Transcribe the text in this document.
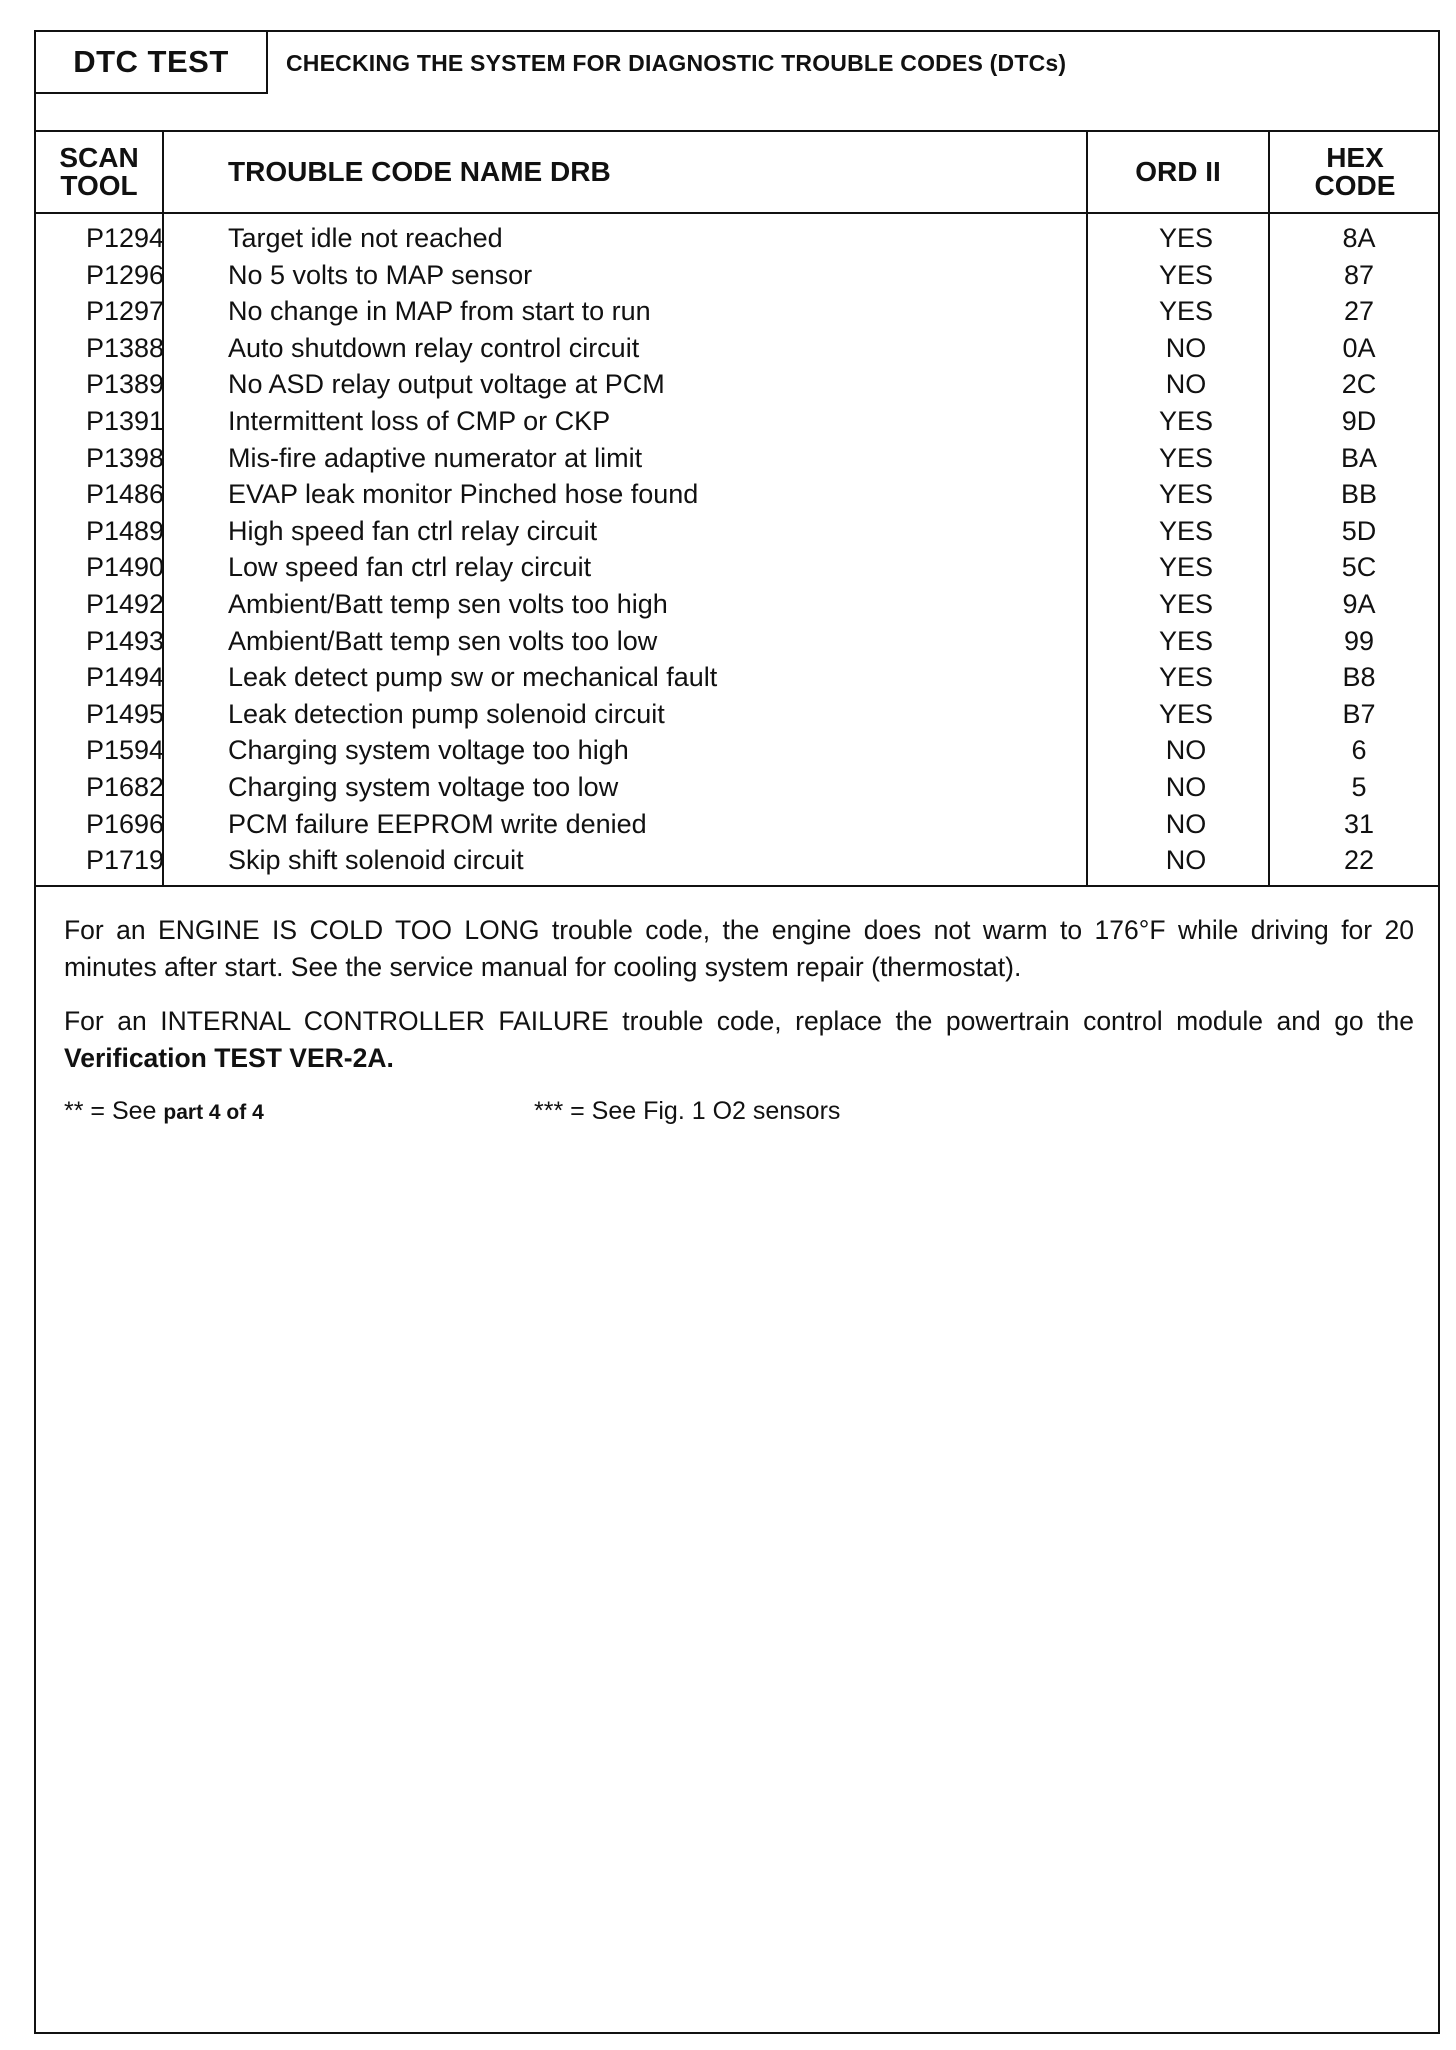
DTC TEST	CHECKING THE SYSTEM FOR DIAGNOSTIC TROUBLE CODES (DTCs)
SCAN
TOOL	TROUBLE CODE NAME DRB	ORD II	HEX
CODE
P1294	Target idle not reached	YES	8A
P1296	No 5 volts to MAP sensor	YES	87
P1297	No change in MAP from start to run	YES	27
P1388	Auto shutdown relay control circuit	NO	0A
P1389	No ASD relay output voltage at PCM	NO	2C
P1391	Intermittent loss of CMP or CKP	YES	9D
P1398	Mis-fire adaptive numerator at limit	YES	BA
P1486	EVAP leak monitor Pinched hose found	YES	BB
P1489	High speed fan ctrl relay circuit	YES	5D
P1490	Low speed fan ctrl relay circuit	YES	5C
P1492	Ambient/Batt temp sen volts too high	YES	9A
P1493	Ambient/Batt temp sen volts too low	YES	99
P1494	Leak detect pump sw or mechanical fault	YES	B8
P1495	Leak detection pump solenoid circuit	YES	B7
P1594	Charging system voltage too high	NO	6
P1682	Charging system voltage too low	NO	5
P1696	PCM failure EEPROM write denied	NO	31
P1719	Skip shift solenoid circuit	NO	22

For an ENGINE IS COLD TOO LONG trouble code, the engine does not warm to 176°F while driving for 20 minutes after start. See the service manual for cooling system repair (thermostat).

For an INTERNAL CONTROLLER FAILURE trouble code, replace the powertrain control module and go the Verification TEST VER-2A.

** = See part 4 of 4	*** = See Fig. 1 O2 sensors
